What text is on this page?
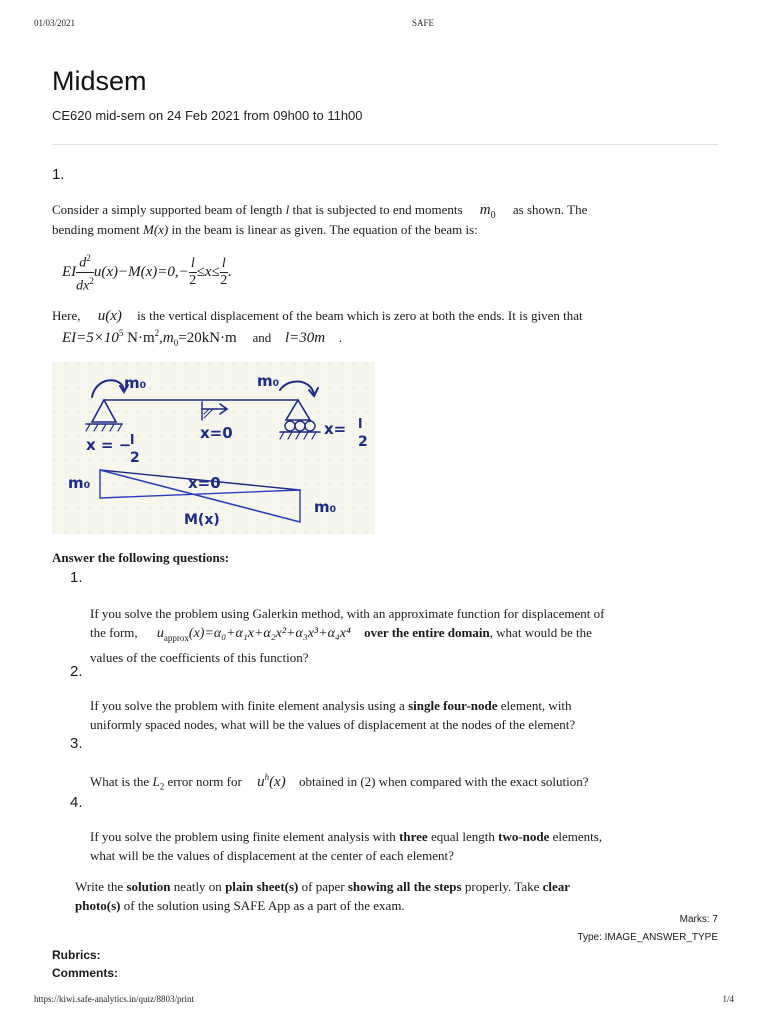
01/03/2021	SAFE
Midsem
CE620 mid-sem on 24 Feb 2021 from 09h00 to 11h00
1.
Consider a simply supported beam of length l that is subjected to end moments $m_0$ as shown. The
bending moment M(x) in the beam is linear as given. The equation of the beam is:
EI $\frac{d^2}{dx^2} u(x)-M(x)=0,- \frac{l}{2} \le x\le \frac{l}{2}$ .
Here, u(x) is the vertical displacement of the beam which is zero at both the ends. It is given that
$EI=5\times 10^5$ $N\cdot m^2,m_0=20kN\cdot m$ and l=30m .
m₀	m₀
x = −
l
2
x=0	x= l
2
m₀	x=0
m₀
M(x)
Answer the following questions:
1.
If you solve the problem using Galerkin method, with an approximate function for displacement of
the form, $u_{approx}(x)=\alpha_0+\alpha_1x+\alpha_2x^2+\alpha_3x^3+\alpha_4x^4$ over the entire domain, what would be the
values of the coefficients of this function?
2.
If you solve the problem with finite element analysis using a single four-node element, with
uniformly spaced nodes, what will be the values of displacement at the nodes of the element?
3.
What is the $L_2$ error norm for $u^h(x)$ obtained in (2) when compared with the exact solution?
4.
If you solve the problem using finite element analysis with three equal length two-node elements,
what will be the values of displacement at the center of each element?
Write the solution neatly on plain sheet(s) of paper showing all the steps properly. Take clear
photo(s) of the solution using SAFE App as a part of the exam.
Marks: 7
Type: IMAGE_ANSWER_TYPE
Rubrics:
Comments:
https://kiwi.safe-analytics.in/quiz/8803/print	1/4
